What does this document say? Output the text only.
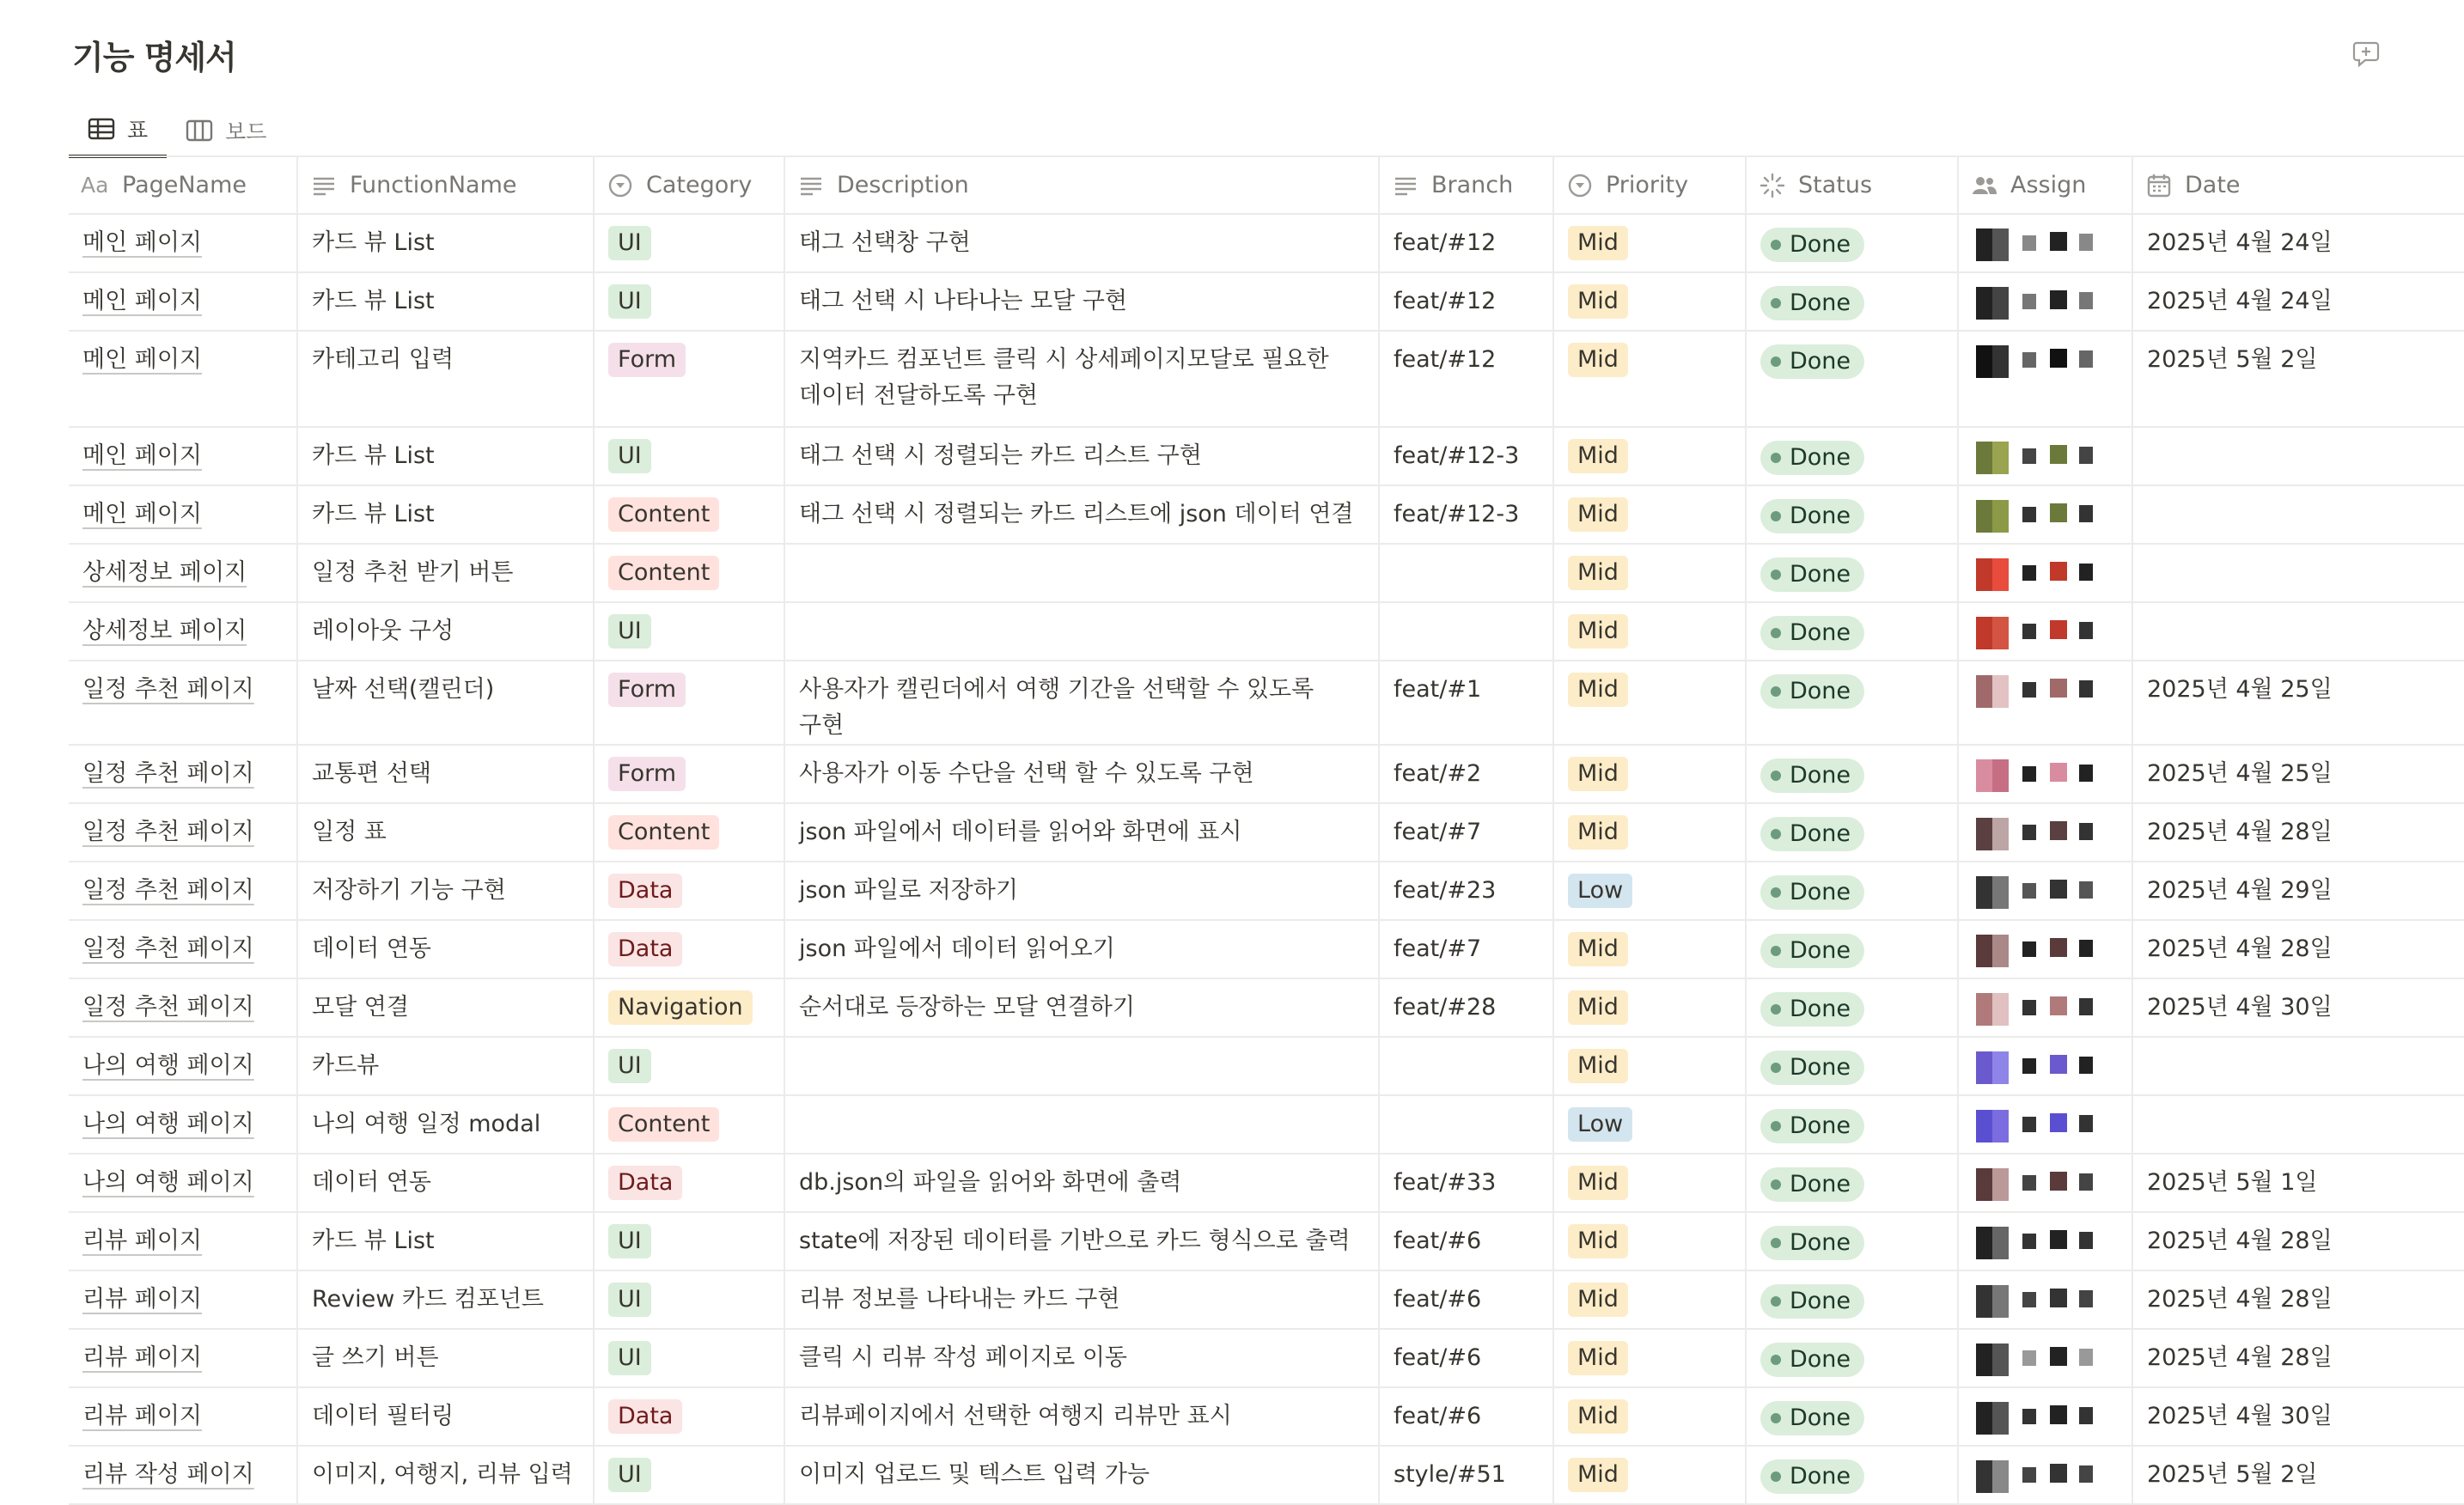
기능 명세서
표	보드
Aa PageName	FunctionName	Category	Description	Branch	Priority	Status	Assign	Date

메인 페이지	카드 뷰 List	UI	태그 선택창 구현	feat/#12	Mid	Done		2025년 4월 24일
메인 페이지	카드 뷰 List	UI	태그 선택 시 나타나는 모달 구현	feat/#12	Mid	Done		2025년 4월 24일
메인 페이지	카테고리 입력	Form	지역카드 컴포넌트 클릭 시 상세페이지모달로 필요한 데이터 전달하도록 구현	feat/#12	Mid	Done		2025년 5월 2일
메인 페이지	카드 뷰 List	UI	태그 선택 시 정렬되는 카드 리스트 구현	feat/#12-3	Mid	Done		

메인 페이지	카드 뷰 List	Content	태그 선택 시 정렬되는 카드 리스트에 json 데이터 연결	feat/#12-3	Mid	Done		

상세정보 페이지	일정 추천 받기 버튼	Content			Mid	Done		

상세정보 페이지	레이아웃 구성	UI			Mid	Done		

일정 추천 페이지	날짜 선택(캘린더)	Form	사용자가 캘린더에서 여행 기간을 선택할 수 있도록 구현	feat/#1	Mid	Done		2025년 4월 25일
일정 추천 페이지	교통편 선택	Form	사용자가 이동 수단을 선택 할 수 있도록 구현	feat/#2	Mid	Done		2025년 4월 25일
일정 추천 페이지	일정 표	Content	json 파일에서 데이터를 읽어와 화면에 표시	feat/#7	Mid	Done		2025년 4월 28일
일정 추천 페이지	저장하기 기능 구현	Data	json 파일로 저장하기	feat/#23	Low	Done		2025년 4월 29일
일정 추천 페이지	데이터 연동	Data	json 파일에서 데이터 읽어오기	feat/#7	Mid	Done		2025년 4월 28일
일정 추천 페이지	모달 연결	Navigation	순서대로 등장하는 모달 연결하기	feat/#28	Mid	Done		2025년 4월 30일
나의 여행 페이지	카드뷰	UI			Mid	Done		

나의 여행 페이지	나의 여행 일정 modal	Content			Low	Done		

나의 여행 페이지	데이터 연동	Data	db.json의 파일을 읽어와 화면에 출력	feat/#33	Mid	Done		2025년 5월 1일
리뷰 페이지	카드 뷰 List	UI	state에 저장된 데이터를 기반으로 카드 형식으로 출력	feat/#6	Mid	Done		2025년 4월 28일
리뷰 페이지	Review 카드 컴포넌트	UI	리뷰 정보를 나타내는 카드 구현	feat/#6	Mid	Done		2025년 4월 28일
리뷰 페이지	글 쓰기 버튼	UI	클릭 시 리뷰 작성 페이지로 이동	feat/#6	Mid	Done		2025년 4월 28일
리뷰 페이지	데이터 필터링	Data	리뷰페이지에서 선택한 여행지 리뷰만 표시	feat/#6	Mid	Done		2025년 4월 30일
리뷰 작성 페이지	이미지, 여행지, 리뷰 입력	UI	이미지 업로드 및 텍스트 입력 가능	style/#51	Mid	Done		2025년 5월 2일
